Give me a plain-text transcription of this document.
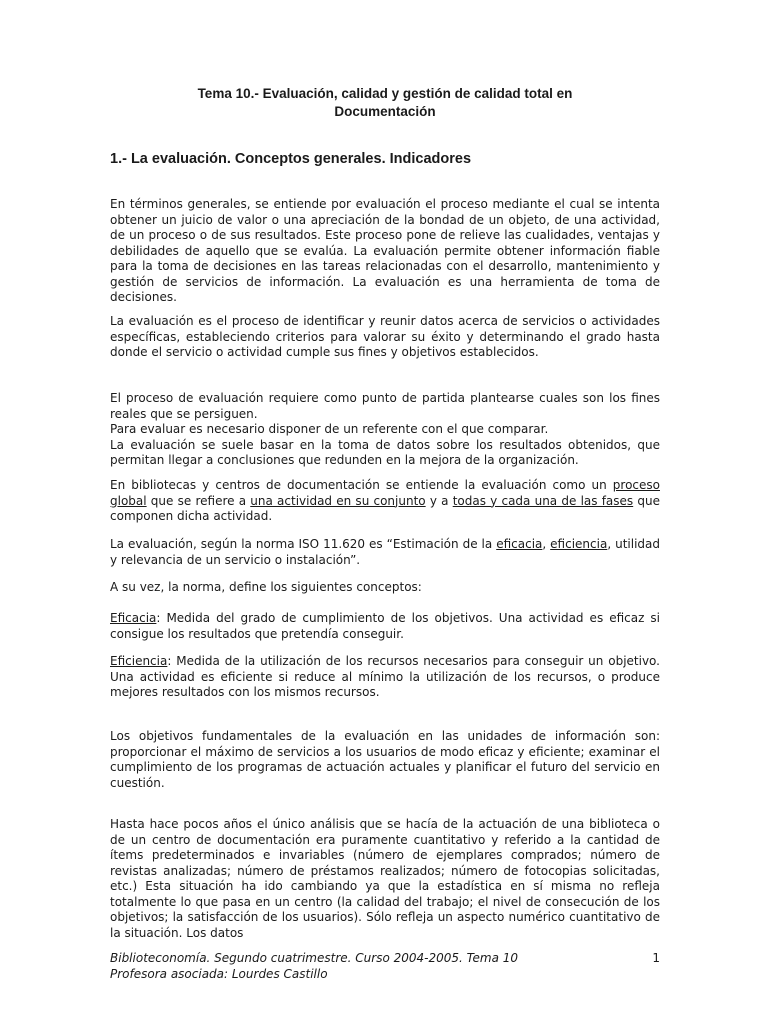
Tema 10.- Evaluación, calidad y gestión de calidad total en
Documentación
1.- La evaluación. Conceptos generales. Indicadores
En términos generales, se entiende por evaluación el proceso mediante el cual se intenta obtener un juicio de valor o una apreciación de la bondad de un objeto, de una actividad, de un proceso o de sus resultados. Este proceso pone de relieve las cualidades, ventajas y debilidades de aquello que se evalúa. La evaluación permite obtener información fiable para la toma de decisiones en las tareas relacionadas con el desarrollo, mantenimiento y gestión de servicios de información. La evaluación es una herramienta de toma de decisiones.
La evaluación es el proceso de identificar y reunir datos acerca de servicios o actividades específicas, estableciendo criterios para valorar su éxito y determinando el grado hasta donde el servicio o actividad cumple sus fines y objetivos establecidos.
El proceso de evaluación requiere como punto de partida plantearse cuales son los fines reales que se persiguen.
Para evaluar es necesario disponer de un referente con el que comparar.
La evaluación se suele basar en la toma de datos sobre los resultados obtenidos, que permitan llegar a conclusiones que redunden en la mejora de la organización.
En bibliotecas y centros de documentación se entiende la evaluación como un proceso global que se refiere a una actividad en su conjunto y a todas y cada una de las fases que componen dicha actividad.
La evaluación, según la norma ISO 11.620 es “Estimación de la eficacia, eficiencia, utilidad y relevancia de un servicio o instalación”.
A su vez, la norma, define los siguientes conceptos:
Eficacia: Medida del grado de cumplimiento de los objetivos. Una actividad es eficaz si consigue los resultados que pretendía conseguir.
Eficiencia: Medida de la utilización de los recursos necesarios para conseguir un objetivo. Una actividad es eficiente si reduce al mínimo la utilización de los recursos, o produce mejores resultados con los mismos recursos.
Los objetivos fundamentales de la evaluación en las unidades de información son: proporcionar el máximo de servicios a los usuarios de modo eficaz y eficiente; examinar el cumplimiento de los programas de actuación actuales y planificar el futuro del servicio en cuestión.
Hasta hace pocos años el único análisis que se hacía de la actuación de una biblioteca o de un centro de documentación era puramente cuantitativo y referido a la cantidad de ítems predeterminados e invariables (número de ejemplares comprados; número de revistas analizadas; número de préstamos realizados; número de fotocopias solicitadas, etc.) Esta situación ha ido cambiando ya que la estadística en sí misma no refleja totalmente lo que pasa en un centro (la calidad del trabajo; el nivel de consecución de los objetivos; la satisfacción de los usuarios). Sólo refleja un aspecto numérico cuantitativo de la situación. Los datos
Biblioteconomía. Segundo cuatrimestre. Curso 2004-2005. Tema 10
Profesora asociada: Lourdes Castillo
1
